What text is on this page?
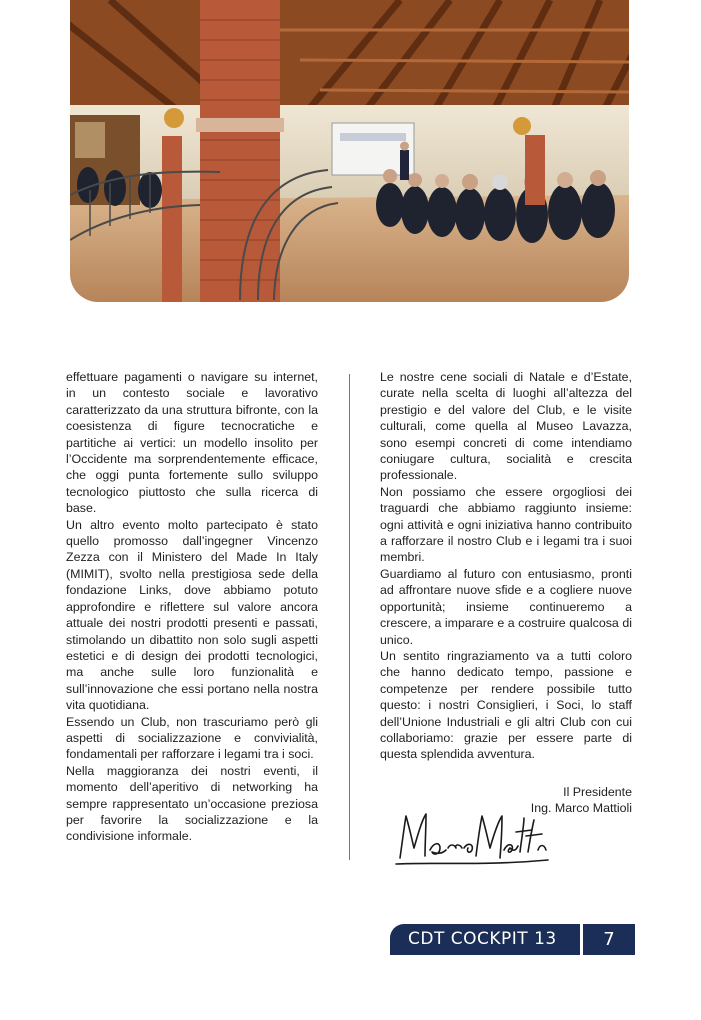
effettuare pagamenti o navigare su internet, in un contesto sociale e lavorativo caratterizzato da una struttura bifronte, con la coesistenza di figure tecnocratiche e partitiche ai vertici: un modello insolito per l’Occidente ma sorprendentemente efficace, che oggi punta fortemente sullo sviluppo tecnologico piuttosto che sulla ricerca di base.

Un altro evento molto partecipato è stato quello promosso dall’ingegner Vincenzo Zezza con il Ministero del Made In Italy (MIMIT), svolto nella prestigiosa sede della fondazione Links, dove abbiamo potuto approfondire e riflettere sul valore ancora attuale dei nostri prodotti presenti e passati, stimolando un dibattito non solo sugli aspetti estetici e di design dei prodotti tecnologici, ma anche sulle loro funzionalità e sull’innovazione che essi portano nella nostra vita quotidiana.

Essendo un Club, non trascuriamo però gli aspetti di socializzazione e convivialità, fondamentali per rafforzare i legami tra i soci.

Nella maggioranza dei nostri eventi, il momento dell’aperitivo di networking ha sempre rappresentato un’occasione preziosa per favorire la socializzazione e la condivisione informale.

Le nostre cene sociali di Natale e d’Estate, curate nella scelta di luoghi all’altezza del prestigio e del valore del Club, e le visite culturali, come quella al Museo Lavazza, sono esempi concreti di come intendiamo coniugare cultura, socialità e crescita professionale.

Non possiamo che essere orgogliosi dei traguardi che abbiamo raggiunto insieme: ogni attività e ogni iniziativa hanno contribuito a rafforzare il nostro Club e i legami tra i suoi membri.

Guardiamo al futuro con entusiasmo, pronti ad affrontare nuove sfide e a cogliere nuove opportunità; insieme continueremo a crescere, a imparare e a costruire qualcosa di unico.

Un sentito ringraziamento va a tutti coloro che hanno dedicato tempo, passione e competenze per rendere possibile tutto questo: i nostri Consiglieri, i Soci, lo staff dell’Unione Industriali e gli altri Club con cui collaboriamo: grazie per essere parte di questa splendida avventura.

Il Presidente
Ing. Marco Mattioli
CDT COCKPIT 13	7
